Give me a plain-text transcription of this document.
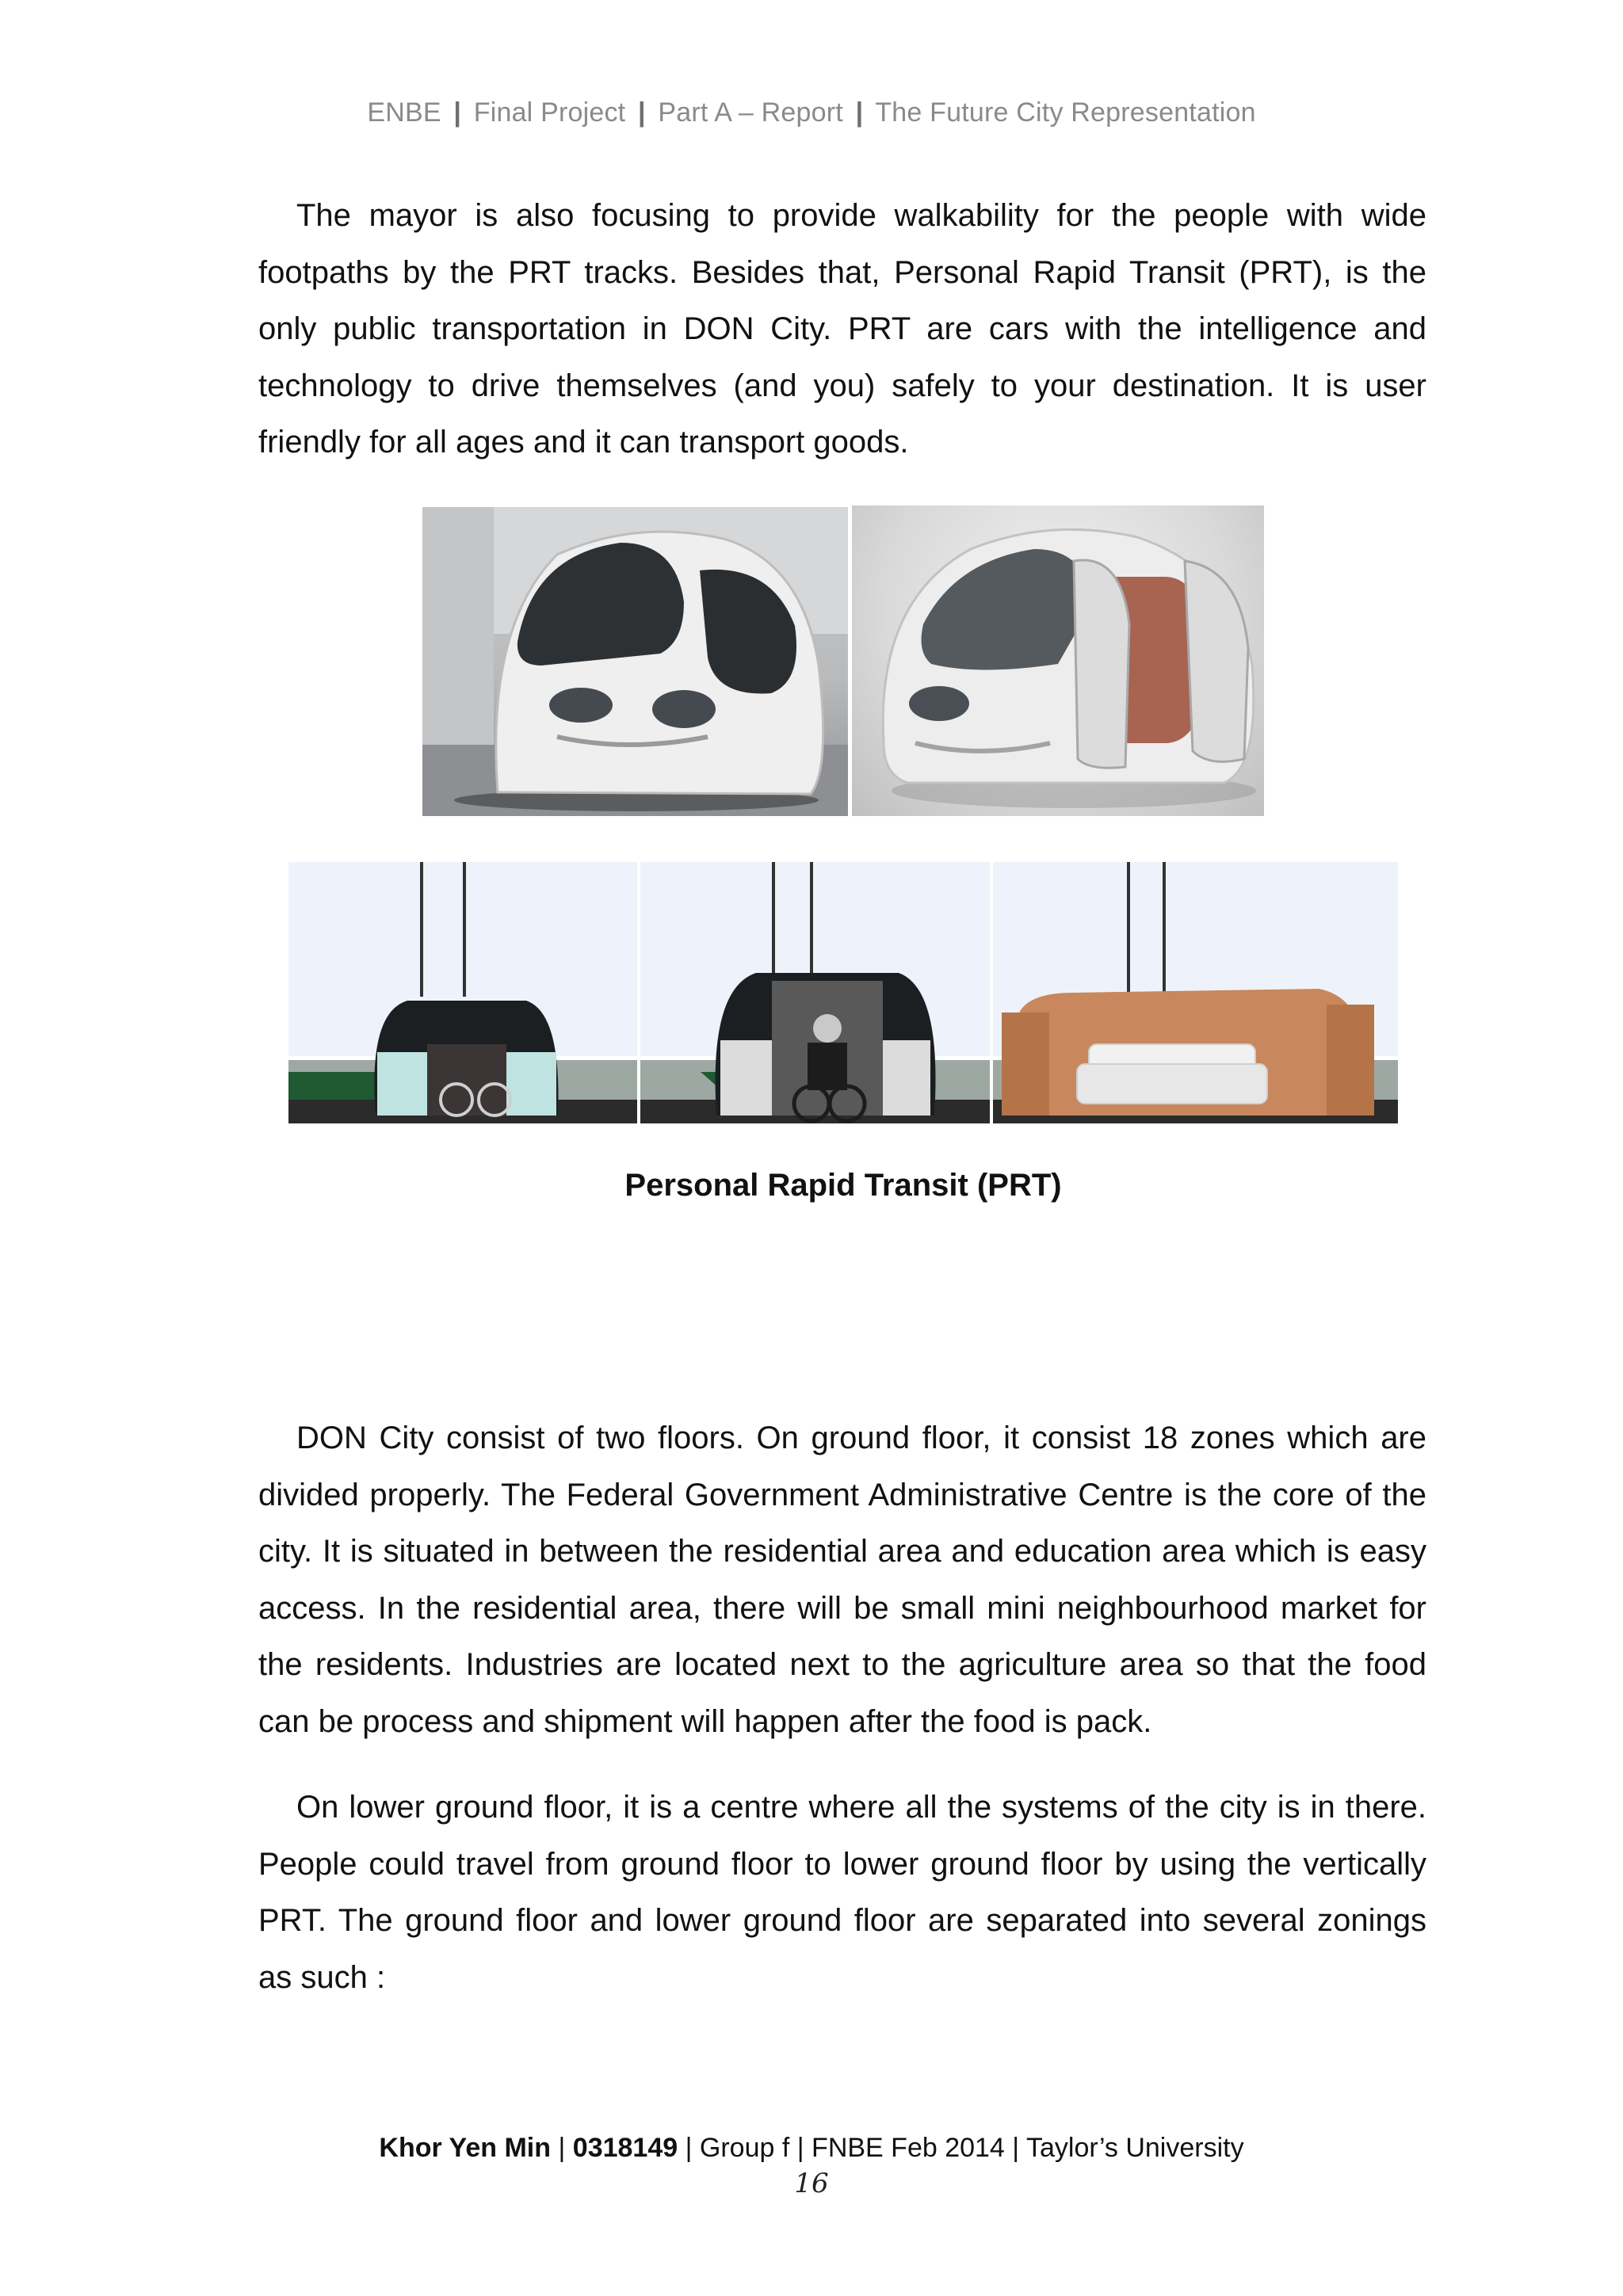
ENBE | Final Project | Part A – Report | The Future City Representation

The mayor is also focusing to provide walkability for the people with wide footpaths by the PRT tracks. Besides that, Personal Rapid Transit (PRT), is the only public transportation in DON City. PRT are cars with the intelligence and technology to drive themselves (and you) safely to your destination. It is user friendly for all ages and it can transport goods.

Personal Rapid Transit (PRT)

DON City consist of two floors. On ground floor, it consist 18 zones which are divided properly. The Federal Government Administrative Centre is the core of the city. It is situated in between the residential area and education area which is easy access. In the residential area, there will be small mini neighbourhood market for the residents. Industries are located next to the agriculture area so that the food can be process and shipment will happen after the food is pack.

On lower ground floor, it is a centre where all the systems of the city is in there. People could travel from ground floor to lower ground floor by using the vertically PRT. The ground floor and lower ground floor are separated into several zonings as such :

Khor Yen Min | 0318149 | Group f | FNBE Feb 2014 | Taylor’s University
16
